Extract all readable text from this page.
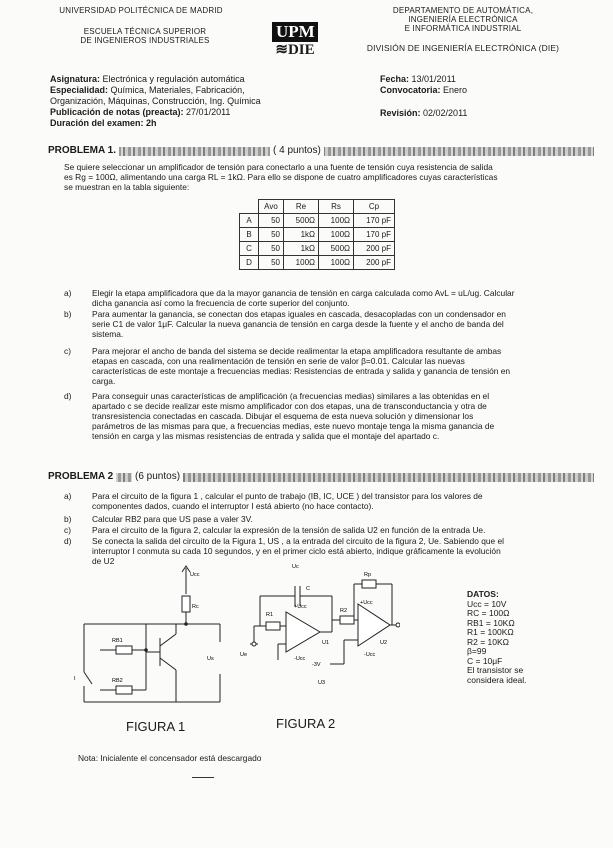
UNIVERSIDAD POLITÉCNICA DE MADRID
ESCUELA TÉCNICA SUPERIOR
DE INGENIEROS INDUSTRIALES	UPM
≋DIE
DEPARTAMENTO DE AUTOMÁTICA,
INGENIERÍA ELECTRÓNICA
E INFORMÁTICA INDUSTRIAL
DIVISIÓN DE INGENIERÍA ELECTRÓNICA (DIE)
Asignatura: Electrónica y regulación automática
Especialidad: Química, Materiales, Fabricación,
Organización, Máquinas, Construcción, Ing. Química
Publicación de notas (preacta): 27/01/2011
Duración del examen: 2h
Fecha: 13/01/2011
Convocatoria: Enero
Revisión: 02/02/2011
PROBLEMA 1.	( 4 puntos)
Se quiere seleccionar un amplificador de tensión para conectarlo a una fuente de tensión cuya resistencia de salida
es Rg = 100Ω, alimentando una carga RL = 1kΩ. Para ello se dispone de cuatro amplificadores cuyas características
se muestran en la tabla siguiente:
	Avo	Re	Rs	Cp
A	50	500Ω	100Ω	170 pF
B	50	1kΩ	100Ω	170 pF
C	50	1kΩ	500Ω	200 pF
D	50	100Ω	100Ω	200 pF
a) Elegir la etapa amplificadora que da la mayor ganancia de tensión en carga calculada como AvL = uL/ug. Calcular
dicha ganancia así como la frecuencia de corte superior del conjunto.
b) Para aumentar la ganancia, se conectan dos etapas iguales en cascada, desacopladas con un condensador en
serie C1 de valor 1μF. Calcular la nueva ganancia de tensión en carga desde la fuente y el ancho de banda del
sistema.
c)	Para mejorar el ancho de banda del sistema se decide realimentar la etapa amplificadora resultante de ambas
etapas en cascada, con una realimentación de tensión en serie de valor β=0.01. Calcular las nuevas
características de este montaje a frecuencias medias: Resistencias de entrada y salida y ganancia de tensión en
carga.
d) Para conseguir unas características de amplificación (a frecuencias medias) similares a las obtenidas en el
apartado c se decide realizar este mismo amplificador con dos etapas, una de transconductancia y otra de
transresistencia conectadas en cascada. Dibujar el esquema de esta nueva solución y dimensionar los
parámetros de las mismas para que, a frecuencias medias, este nuevo montaje tenga la misma ganancia de
tensión en carga y las mismas resistencias de entrada y salida que el montaje del apartado c.
PROBLEMA 2	(6 puntos)
a) Para el circuito de la figura 1 , calcular el punto de trabajo (IB, IC, UCE ) del transistor para los valores de
componentes dados, cuando el interruptor I está abierto (no hace contacto).
b) Calcular RB2 para que US pase a valer 3V.
c)	Para el circuito de la figura 2, calcular la expresión de la tensión de salida U2 en función de la entrada Ue.
d) Se conecta la salida del circuito de la Figura 1, US , a la entrada del circuito de la figura 2, Ue. Sabiendo que el
interruptor I conmuta su cada 10 segundos, y en el primer ciclo está abierto, indique gráficamente la evolución
de U2
Ucc
Rc
RB1
RB2
I
Us
FIGURA 1
Uc
C
R1
Ue
+Ucc
-Ucc
U1
R2
Rp
+Ucc
-Ucc
U2
-3V
U3
FIGURA 2
DATOS:
Ucc = 10V
RC = 100Ω
RB1 = 10KΩ
R1 = 100KΩ
R2 = 10KΩ
β=99
C = 10μF
El transistor se
considera ideal.
Nota: Inicialente el concensador está descargado
